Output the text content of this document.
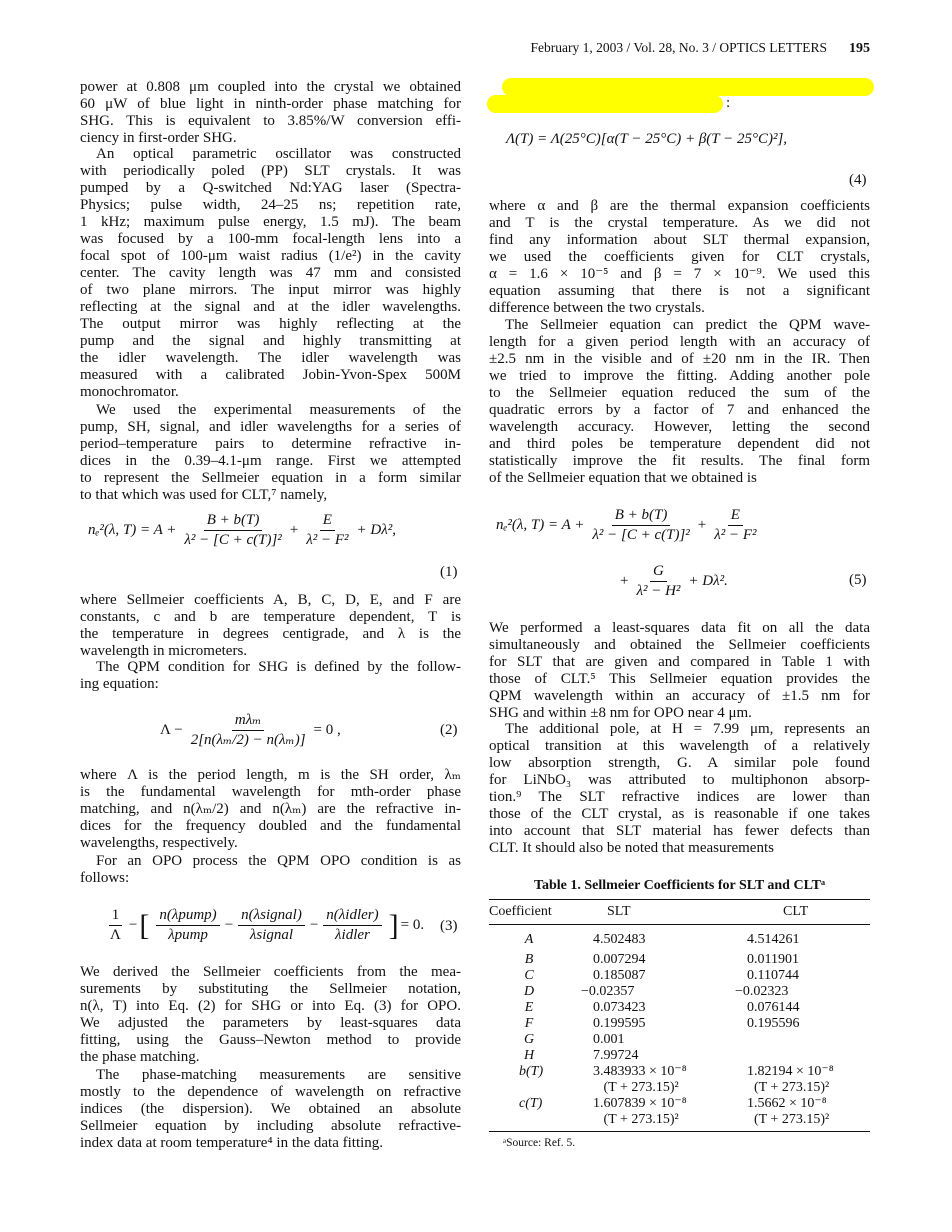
February 1, 2003 / Vol. 28, No. 3 / OPTICS LETTERS 195
power at 0.808 μm coupled into the crystal we obtained
60 μW of blue light in ninth-order phase matching for
SHG. This is equivalent to 3.85%/W conversion effi-
ciency in first-order SHG.
An optical parametric oscillator was constructed
with periodically poled (PP) SLT crystals. It was
pumped by a Q-switched Nd:YAG laser (Spectra-
Physics; pulse width, 24–25 ns; repetition rate,
1 kHz; maximum pulse energy, 1.5 mJ). The beam
was focused by a 100-mm focal-length lens into a
focal spot of 100-μm waist radius (1/e²) in the cavity
center. The cavity length was 47 mm and consisted
of two plane mirrors. The input mirror was highly
reflecting at the signal and at the idler wavelengths.
The output mirror was highly reflecting at the
pump and the signal and highly transmitting at
the idler wavelength. The idler wavelength was
measured with a calibrated Jobin-Yvon-Spex 500M
monochromator.
We used the experimental measurements of the
pump, SH, signal, and idler wavelengths for a series of
period–temperature pairs to determine refractive in-
dices in the 0.39–4.1-μm range. First we attempted
to represent the Sellmeier equation in a form similar
to that which was used for CLT,⁷ namely,
where Sellmeier coefficients A, B, C, D, E, and F are
constants, c and b are temperature dependent, T is
the temperature in degrees centigrade, and λ is the
wavelength in micrometers.
The QPM condition for SHG is defined by the follow-
ing equation:
where Λ is the period length, m is the SH order, λₘ
is the fundamental wavelength for mth-order phase
matching, and n(λₘ/2) and n(λₘ) are the refractive in-
dices for the frequency doubled and the fundamental
wavelengths, respectively.
For an OPO process the QPM OPO condition is as
follows:
We derived the Sellmeier coefficients from the mea-
surements by substituting the Sellmeier notation,
n(λ, T) into Eq. (2) for SHG or into Eq. (3) for OPO.
We adjusted the parameters by least-squares data
fitting, using the Gauss–Newton method to provide
the phase matching.
The phase-matching measurements are sensitive
mostly to the dependence of wavelength on refractive
indices (the dispersion). We obtained an absolute
Sellmeier equation by including absolute refractive-
index data at room temperature⁴ in the data fitting.
nₑ²(λ, $T) = A + \frac{B + b(T)}{\text{λ² − [C + c(T)]²}} + \frac{E}{\text{λ² − F²}} + D\lambda^2$,
(1)
$\Lambda - \frac{\text{mλₘ}}{\text{2[n(λₘ/2) − n(λₘ)]}} = 0$ ,	(2)
$\frac{1}{\Lambda}$ − [ $\frac{\text{n(λpump)}}{\text{λpump}} - \frac{\text{n(λsignal)}}{\text{λsignal}} - \frac{\text{n(λidler)}}{\text{λidler}}$ ] = 0. (3)
:
Λ(T) = Λ(25°C)[α(T − 25°C) + β(T − 25°C)²],
(4)
where α and β are the thermal expansion coefficients
and T is the crystal temperature. As we did not
find any information about SLT thermal expansion,
we used the coefficients given for CLT crystals,
α = 1.6 × 10⁻⁵ and β = 7 × 10⁻⁹. We used this
equation assuming that there is not a significant
difference between the two crystals.
The Sellmeier equation can predict the QPM wave-
length for a given period length with an accuracy of
±2.5 nm in the visible and of ±20 nm in the IR. Then
we tried to improve the fitting. Adding another pole
to the Sellmeier equation reduced the sum of the
quadratic errors by a factor of 7 and enhanced the
wavelength accuracy. However, letting the second
and third poles be temperature dependent did not
statistically improve the fit results. The final form
of the Sellmeier equation that we obtained is
nₑ²(λ, $T) = A + \frac{B + b(T)}{\text{λ² − [C + c(T)]²}} + \frac{E}{\text{λ² − F²}}$
+ $\frac{G}{\text{λ² − H²}} + D\lambda^2$.	(5)
We performed a least-squares data fit on all the data
simultaneously and obtained the Sellmeier coefficients
for SLT that are given and compared in Table 1 with
those of CLT.⁵ This Sellmeier equation provides the
QPM wavelength within an accuracy of ±1.5 nm for
SHG and within ±8 nm for OPO near 4 μm.
The additional pole, at H = 7.99 μm, represents an
optical transition at this wavelength of a relatively
low absorption strength, G. A similar pole found
for LiNbO₃ was attributed to multiphonon absorp-
tion.⁹ The SLT refractive indices are lower than
those of the CLT crystal, as is reasonable if one takes
into account that SLT material has fewer defects than
CLT. It should also be noted that measurements
Table 1. Sellmeier Coefficients for SLT and CLTᵃ
Coefficient	SLT	CLT
A	4.502483	4.514261
B	0.007294	0.011901
C	0.185087	0.110744
D	−0.02357	−0.02323
E	0.073423	0.076144
F	0.199595	0.195596
G	0.001
H	7.99724
b(T)	3.483933 × 10⁻⁸	1.82194 × 10⁻⁸
(T + 273.15)²	(T + 273.15)²
c(T)	1.607839 × 10⁻⁸	1.5662 × 10⁻⁸
(T + 273.15)²	(T + 273.15)²
ᵃSource: Ref. 5.
